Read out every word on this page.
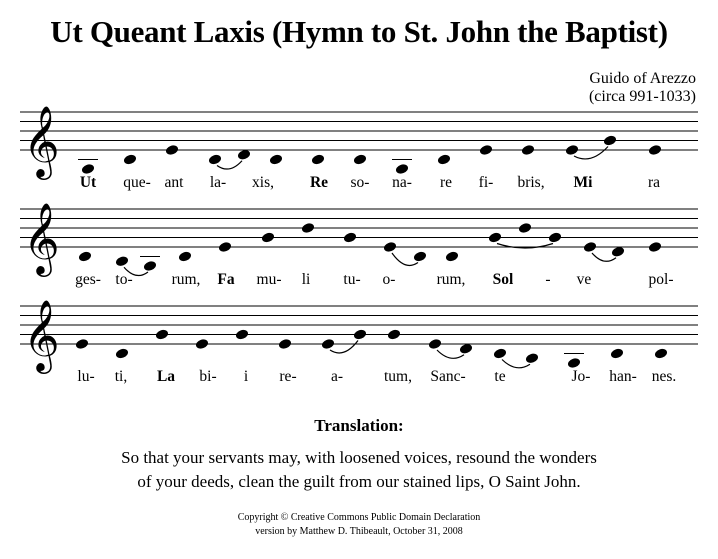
Ut Queant Laxis (Hymn to St. John the Baptist)
Guido of Arezzo
(circa 991-1033)
𝄞
Ut que- ant la- xis, Re so- na- re fi- bris, Mi	ra
𝄞
ges- to-	rum, Fa mu- li tu- o-	rum, Sol - ve	pol-
𝄞
lu- ti, La bi- i re- a-	tum, Sanc- te	Jo- han- nes.
Translation:
So that your servants may, with loosened voices, resound the wonders
of your deeds, clean the guilt from our stained lips, O Saint John.
Copyright © Creative Commons Public Domain Declaration
version by Matthew D. Thibeault, October 31, 2008
